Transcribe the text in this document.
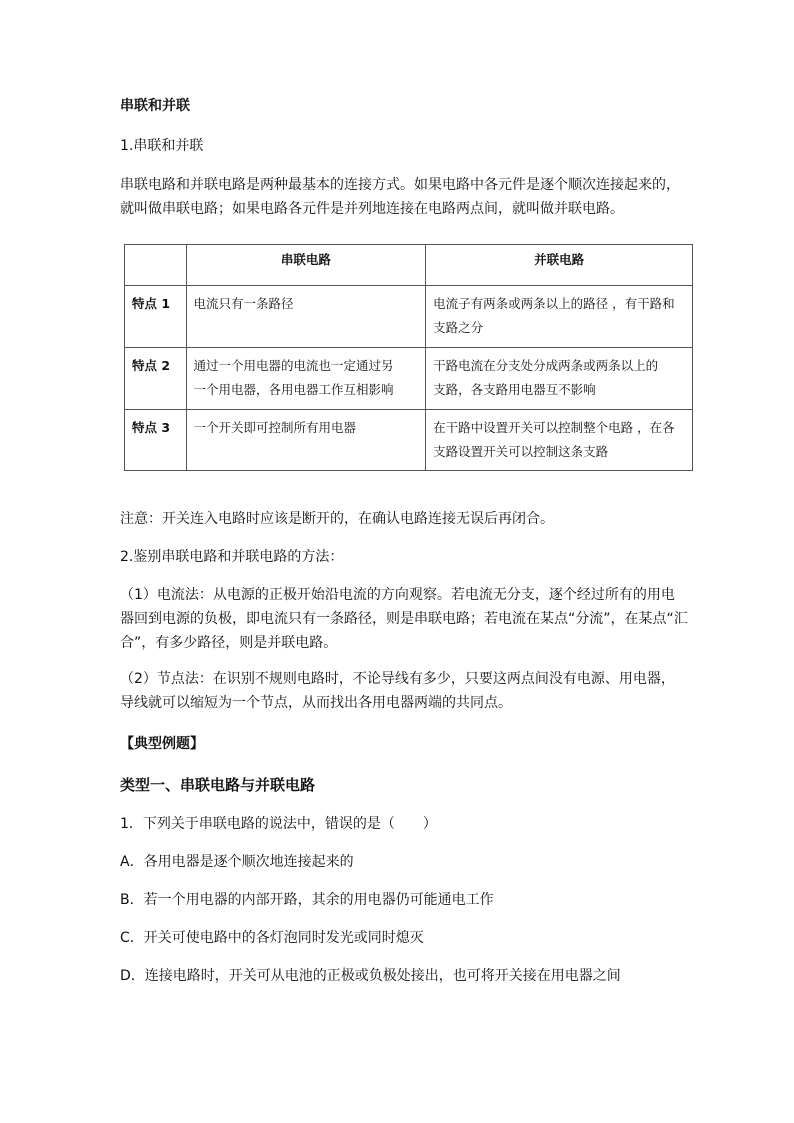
串联和并联
1.串联和并联
串联电路和并联电路是两种最基本的连接方式。如果电路中各元件是逐个顺次连接起来的，
就叫做串联电路；如果电路各元件是并列地连接在电路两点间，就叫做并联电路。
	串联电路	并联电路
特点 1	电流只有一条路径	电流子有两条或两条以上的路径 ，有干路和
支路之分

特点 2	通过一个用电器的电流也一定通过另
一个用电器，各用电器工作互相影响	干路电流在分支处分成两条或两条以上的
支路，各支路用电器互不影响

特点 3	一个开关即可控制所有用电器	在干路中设置开关可以控制整个电路 ，在各
支路设置开关可以控制这条支路
注意：开关连入电路时应该是断开的，在确认电路连接无误后再闭合。
2.鉴别串联电路和并联电路的方法：
（1）电流法：从电源的正极开始沿电流的方向观察。若电流无分支，逐个经过所有的用电
器回到电源的负极，即电流只有一条路径，则是串联电路；若电流在某点“分流”，在某点“汇
合”，有多少路径，则是并联电路。
（2）节点法：在识别不规则电路时，不论导线有多少，只要这两点间没有电源、用电器，
导线就可以缩短为一个节点，从而找出各用电器两端的共同点。
【典型例题】
类型一、串联电路与并联电路
1．下列关于串联电路的说法中，错误的是（　　）
A．各用电器是逐个顺次地连接起来的
B．若一个用电器的内部开路，其余的用电器仍可能通电工作
C．开关可使电路中的各灯泡同时发光或同时熄灭
D．连接电路时，开关可从电池的正极或负极处接出，也可将开关接在用电器之间
